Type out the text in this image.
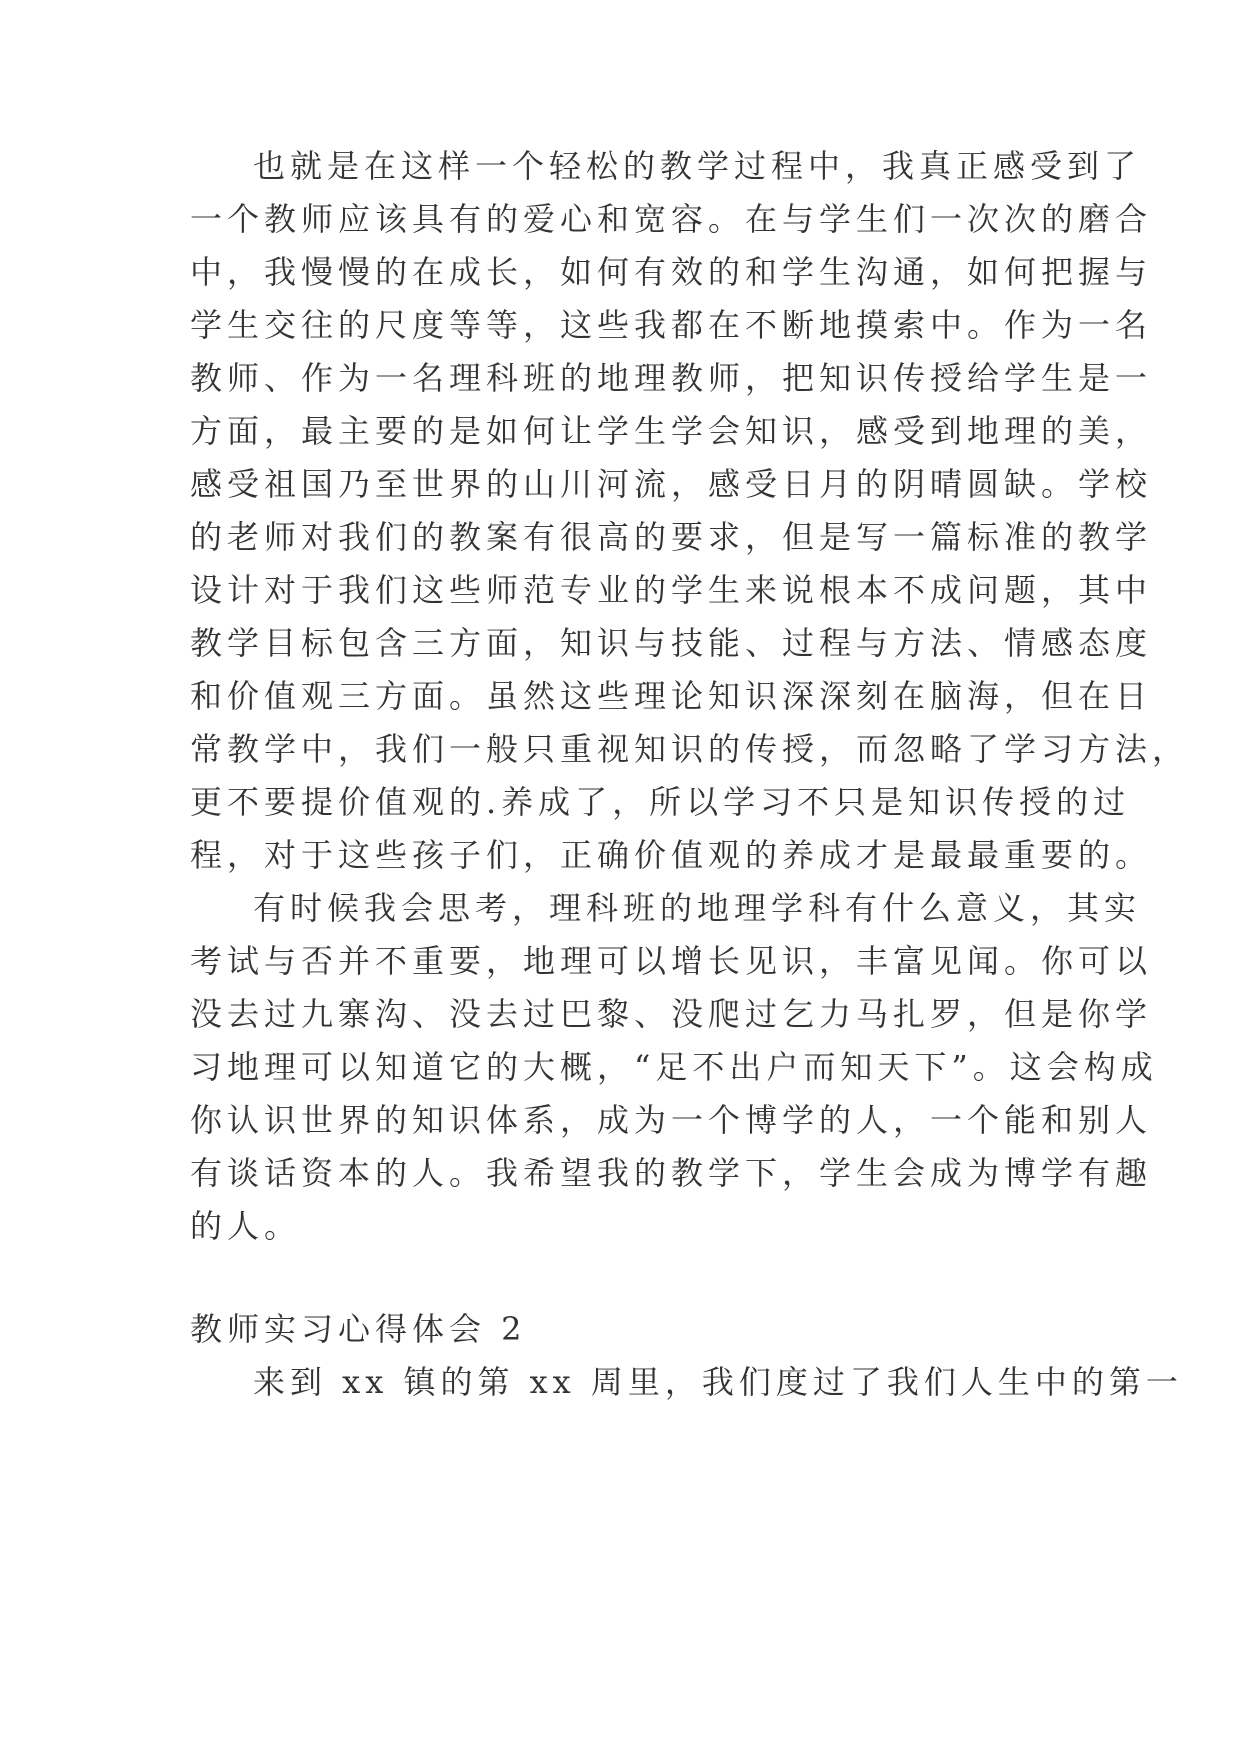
也就是在这样一个轻松的教学过程中，我真正感受到了
一个教师应该具有的爱心和宽容。在与学生们一次次的磨合
中，我慢慢的在成长，如何有效的和学生沟通，如何把握与
学生交往的尺度等等，这些我都在不断地摸索中。作为一名
教师、作为一名理科班的地理教师，把知识传授给学生是一
方面，最主要的是如何让学生学会知识，感受到地理的美，
感受祖国乃至世界的山川河流，感受日月的阴晴圆缺。学校
的老师对我们的教案有很高的要求，但是写一篇标准的教学
设计对于我们这些师范专业的学生来说根本不成问题，其中
教学目标包含三方面，知识与技能、过程与方法、情感态度
和价值观三方面。虽然这些理论知识深深刻在脑海，但在日
常教学中，我们一般只重视知识的传授，而忽略了学习方法，
更不要提价值观的.养成了，所以学习不只是知识传授的过
程，对于这些孩子们，正确价值观的养成才是最最重要的。
有时候我会思考，理科班的地理学科有什么意义，其实
考试与否并不重要，地理可以增长见识，丰富见闻。你可以
没去过九寨沟、没去过巴黎、没爬过乞力马扎罗，但是你学
习地理可以知道它的大概，“足不出户而知天下”。这会构成
你认识世界的知识体系，成为一个博学的人，一个能和别人
有谈话资本的人。我希望我的教学下，学生会成为博学有趣
的人。
教师实习心得体会 2
来到 xx 镇的第 xx 周里，我们度过了我们人生中的第一
